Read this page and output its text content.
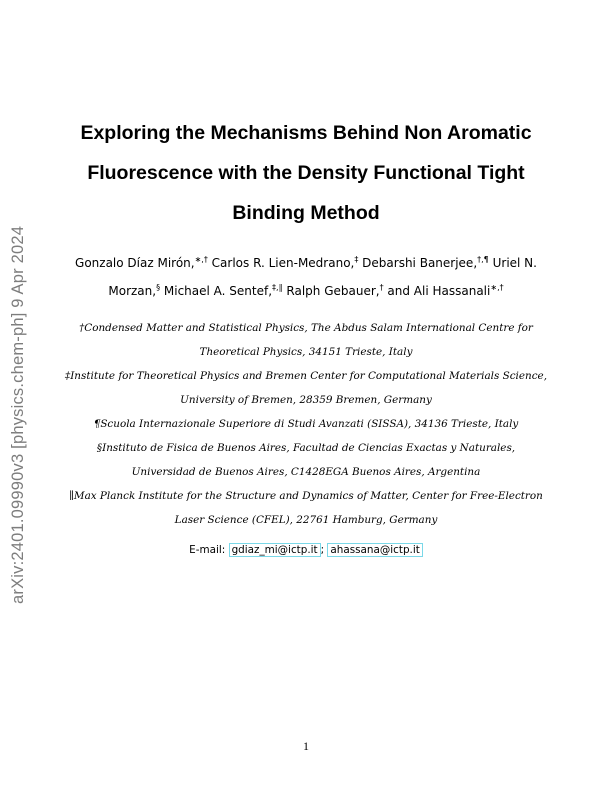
arXiv:2401.09990v3 [physics.chem-ph] 9 Apr 2024
Exploring the Mechanisms Behind Non Aromatic
Fluorescence with the Density Functional Tight
Binding Method
Gonzalo Díaz Mirón,∗,† Carlos R. Lien-Medrano,‡ Debarshi Banerjee,†,¶ Uriel N.
Morzan,§ Michael A. Sentef,‡,∥ Ralph Gebauer,† and Ali Hassanali∗,†
†Condensed Matter and Statistical Physics, The Abdus Salam International Centre for
Theoretical Physics, 34151 Trieste, Italy
‡Institute for Theoretical Physics and Bremen Center for Computational Materials Science,
University of Bremen, 28359 Bremen, Germany
¶Scuola Internazionale Superiore di Studi Avanzati (SISSA), 34136 Trieste, Italy
§Instituto de Fisica de Buenos Aires, Facultad de Ciencias Exactas y Naturales,
Universidad de Buenos Aires, C1428EGA Buenos Aires, Argentina
∥Max Planck Institute for the Structure and Dynamics of Matter, Center for Free-Electron
Laser Science (CFEL), 22761 Hamburg, Germany
E-mail: gdiaz_mi@ictp.it ; ahassana@ictp.it
1
